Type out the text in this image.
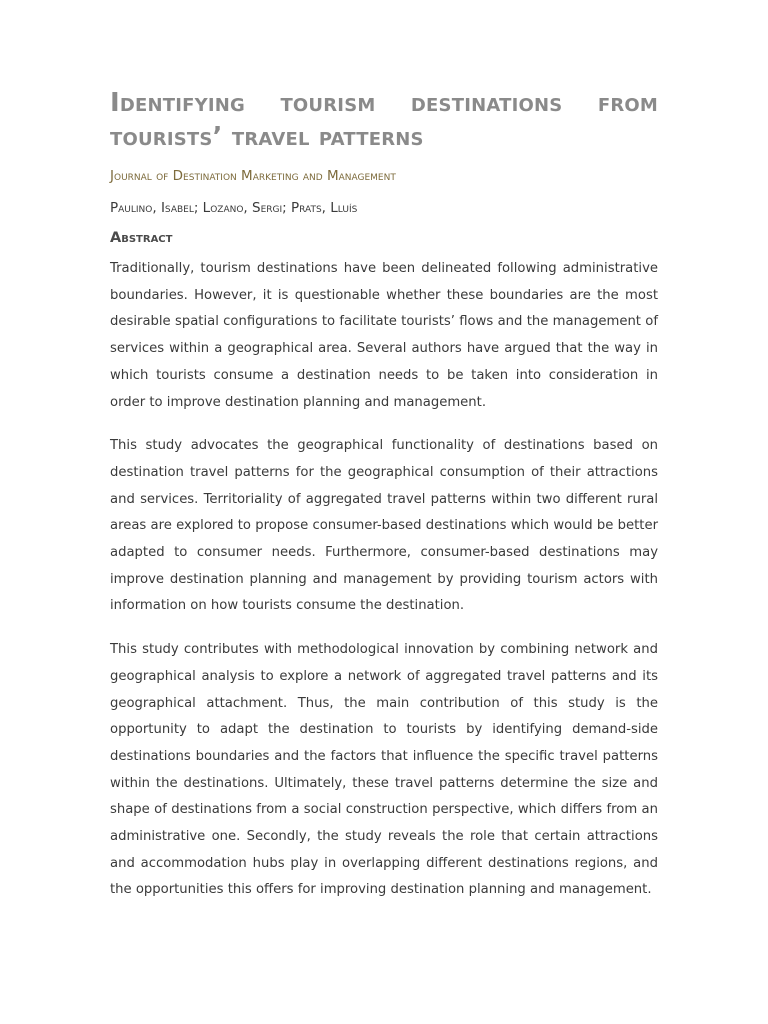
Identifying tourism destinations from tourists’ travel patterns
Journal of Destination Marketing and Management
Paulino, Isabel; Lozano, Sergi; Prats, Lluís
Abstract

Traditionally, tourism destinations have been delineated following administrative boundaries. However, it is questionable whether these boundaries are the most desirable spatial configurations to facilitate tourists’ flows and the management of services within a geographical area. Several authors have argued that the way in which tourists consume a destination needs to be taken into consideration in order to improve destination planning and management.

This study advocates the geographical functionality of destinations based on destination travel patterns for the geographical consumption of their attractions and services. Territoriality of aggregated travel patterns within two different rural areas are explored to propose consumer-based destinations which would be better adapted to consumer needs. Furthermore, consumer-based destinations may improve destination planning and management by providing tourism actors with information on how tourists consume the destination.

This study contributes with methodological innovation by combining network and geographical analysis to explore a network of aggregated travel patterns and its geographical attachment. Thus, the main contribution of this study is the opportunity to adapt the destination to tourists by identifying demand-side destinations boundaries and the factors that influence the specific travel patterns within the destinations. Ultimately, these travel patterns determine the size and shape of destinations from a social construction perspective, which differs from an administrative one. Secondly, the study reveals the role that certain attractions and accommodation hubs play in overlapping different destinations regions, and the opportunities this offers for improving destination planning and management.
